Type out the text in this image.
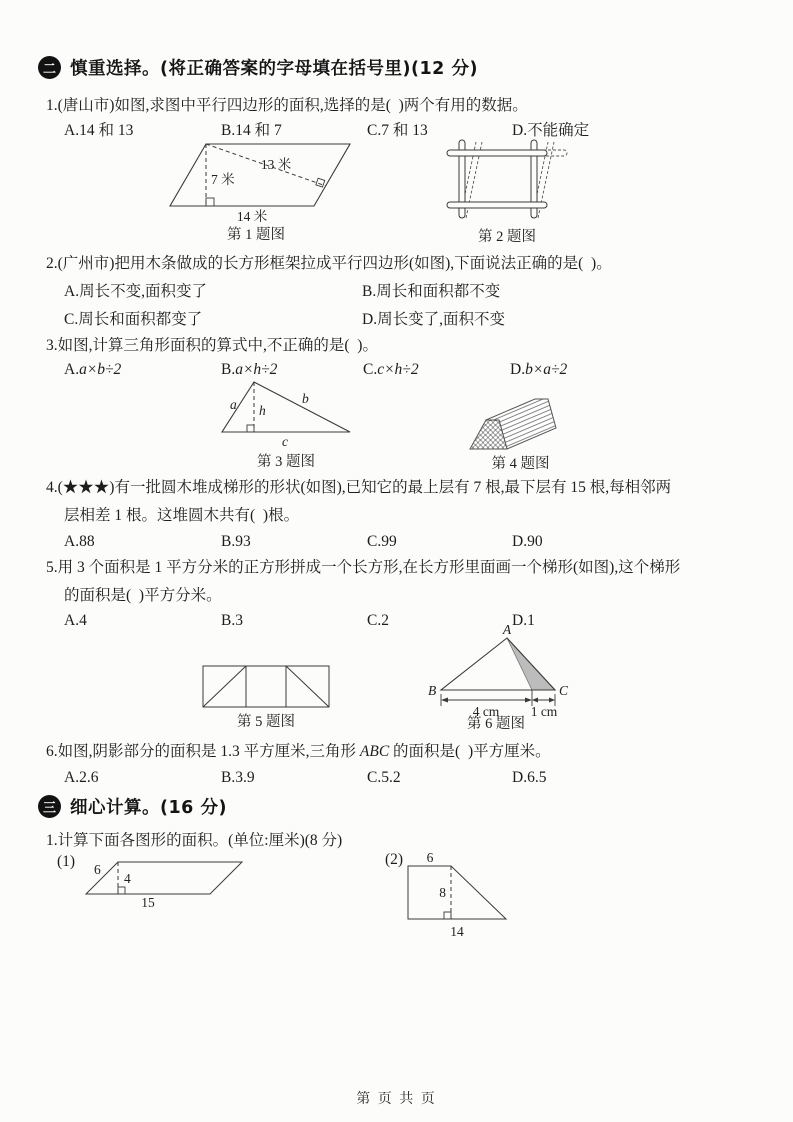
二 慎重选择。(将正确答案的字母填在括号里)(12 分)
1.(唐山市)如图,求图中平行四边形的面积,选择的是(  )两个有用的数据。
A.14 和 13	B.14 和 7	C.7 和 13	D.不能确定
7 米
13 米
14 米
第 1 题图	第 2 题图
2.(广州市)把用木条做成的长方形框架拉成平行四边形(如图),下面说法正确的是(  )。
A.周长不变,面积变了	B.周长和面积都不变
C.周长和面积都变了	D.周长变了,面积不变
3.如图,计算三角形面积的算式中,不正确的是(  )。
A.a×b÷2	B.a×h÷2	C.c×h÷2	D.b×a÷2
a h
b
c
第 3 题图	第 4 题图
4.(★★★)有一批圆木堆成梯形的形状(如图),已知它的最上层有 7 根,最下层有 15 根,每相邻两
层相差 1 根。这堆圆木共有(  )根。
A.88	B.93	C.99	D.90
5.用 3 个面积是 1 平方分米的正方形拼成一个长方形,在长方形里面画一个梯形(如图),这个梯形
的面积是(  )平方分米。
A.4	B.3	C.2	D.1
第 5 题图
A
B	C
4 cm 1 cm
第 6 题图
6.如图,阴影部分的面积是 1.3 平方厘米,三角形 ABC 的面积是(  )平方厘米。
A.2.6	B.3.9	C.5.2	D.6.5
三 细心计算。(16 分)
1.计算下面各图形的面积。(单位:厘米)(8 分)
(1) 6
4
15
(2) 6
8
14
第 页 共 页
